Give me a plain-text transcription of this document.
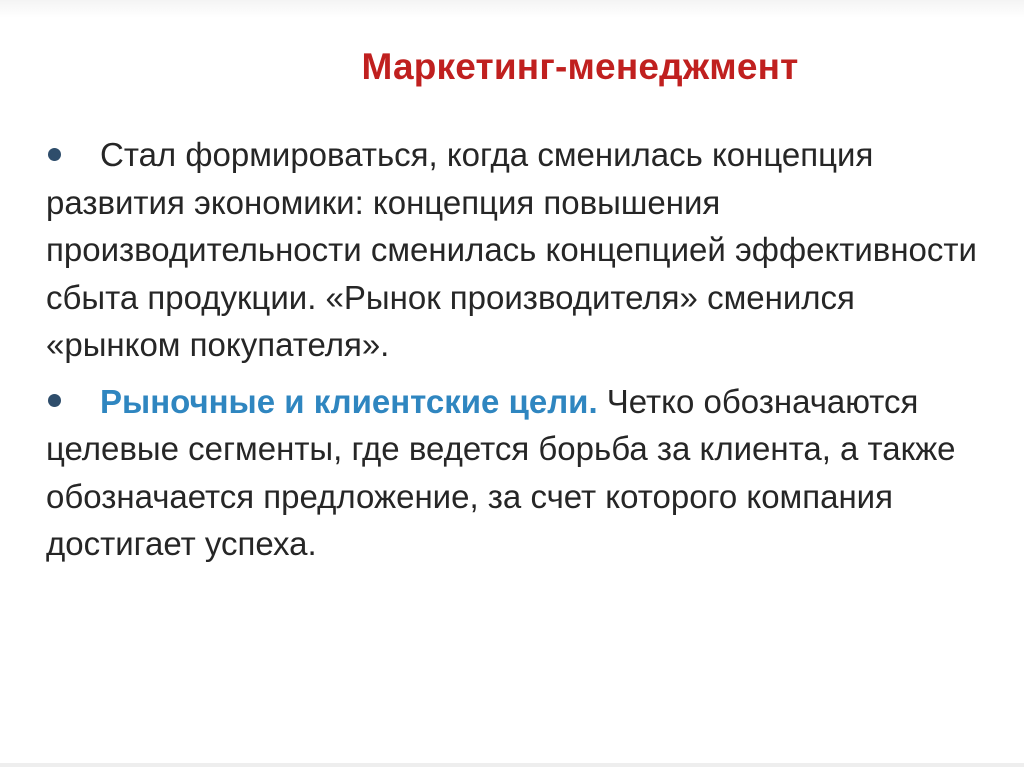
Маркетинг-менеджмент

Стал формироваться, когда сменилась концепция развития экономики: концепция повышения производительности сменилась концепцией эффективности сбыта продукции. «Рынок производителя» сменился «рынком покупателя».

Рыночные и клиентские цели. Четко обозначаются целевые сегменты, где ведется борьба за клиента, а также обозначается предложение, за счет которого компания достигает успеха.
